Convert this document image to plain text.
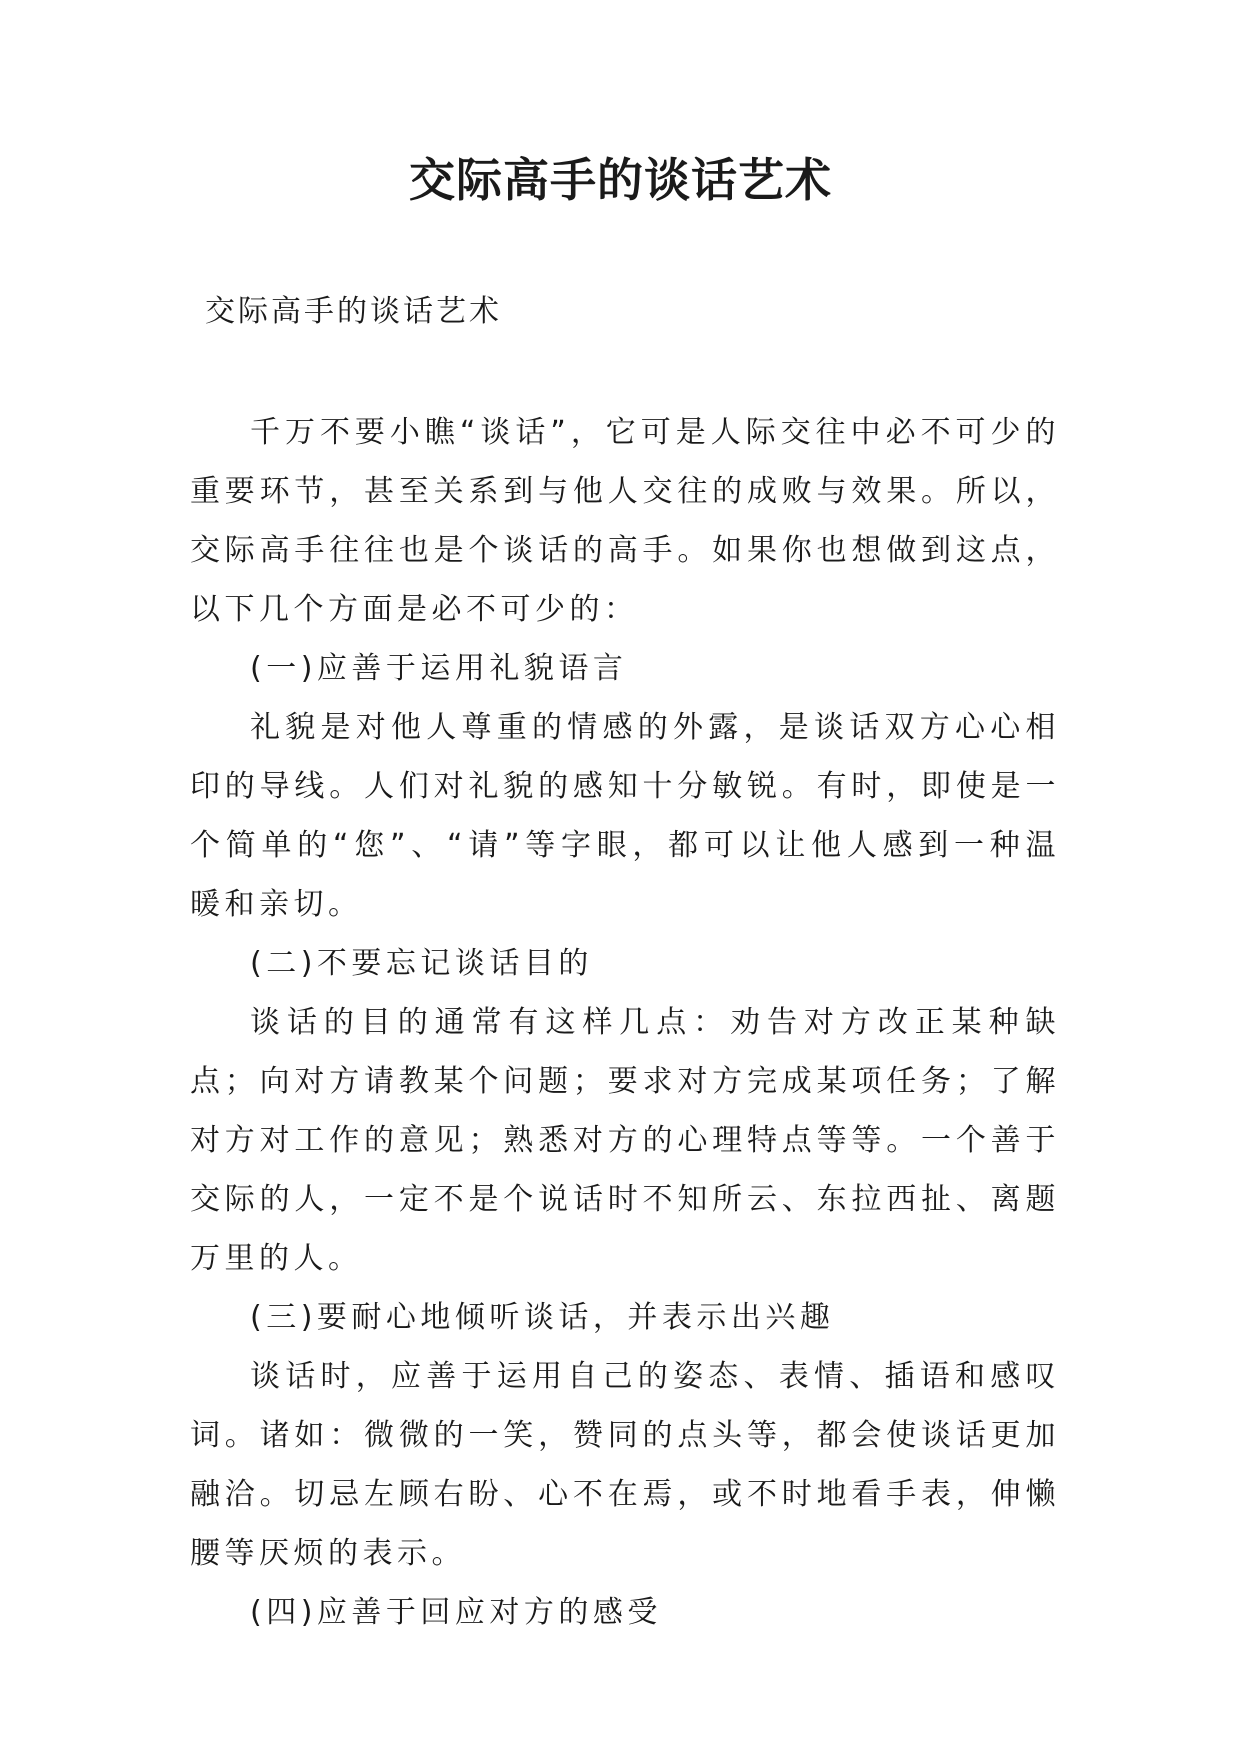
交际高手的谈话艺术
交际高手的谈话艺术

千万不要小瞧“谈话”，它可是人际交往中必不可少的重要环节，甚至关系到与他人交往的成败与效果。所以，交际高手往往也是个谈话的高手。如果你也想做到这点，以下几个方面是必不可少的：

(一)应善于运用礼貌语言

礼貌是对他人尊重的情感的外露，是谈话双方心心相印的导线。人们对礼貌的感知十分敏锐。有时，即使是一个简单的“您”、“请”等字眼，都可以让他人感到一种温暖和亲切。

(二)不要忘记谈话目的

谈话的目的通常有这样几点：劝告对方改正某种缺点；向对方请教某个问题；要求对方完成某项任务；了解对方对工作的意见；熟悉对方的心理特点等等。一个善于交际的人，一定不是个说话时不知所云、东拉西扯、离题万里的人。

(三)要耐心地倾听谈话，并表示出兴趣

谈话时，应善于运用自己的姿态、表情、插语和感叹词。诸如：微微的一笑，赞同的点头等，都会使谈话更加融洽。切忌左顾右盼、心不在焉，或不时地看手表，伸懒腰等厌烦的表示。

(四)应善于回应对方的感受
